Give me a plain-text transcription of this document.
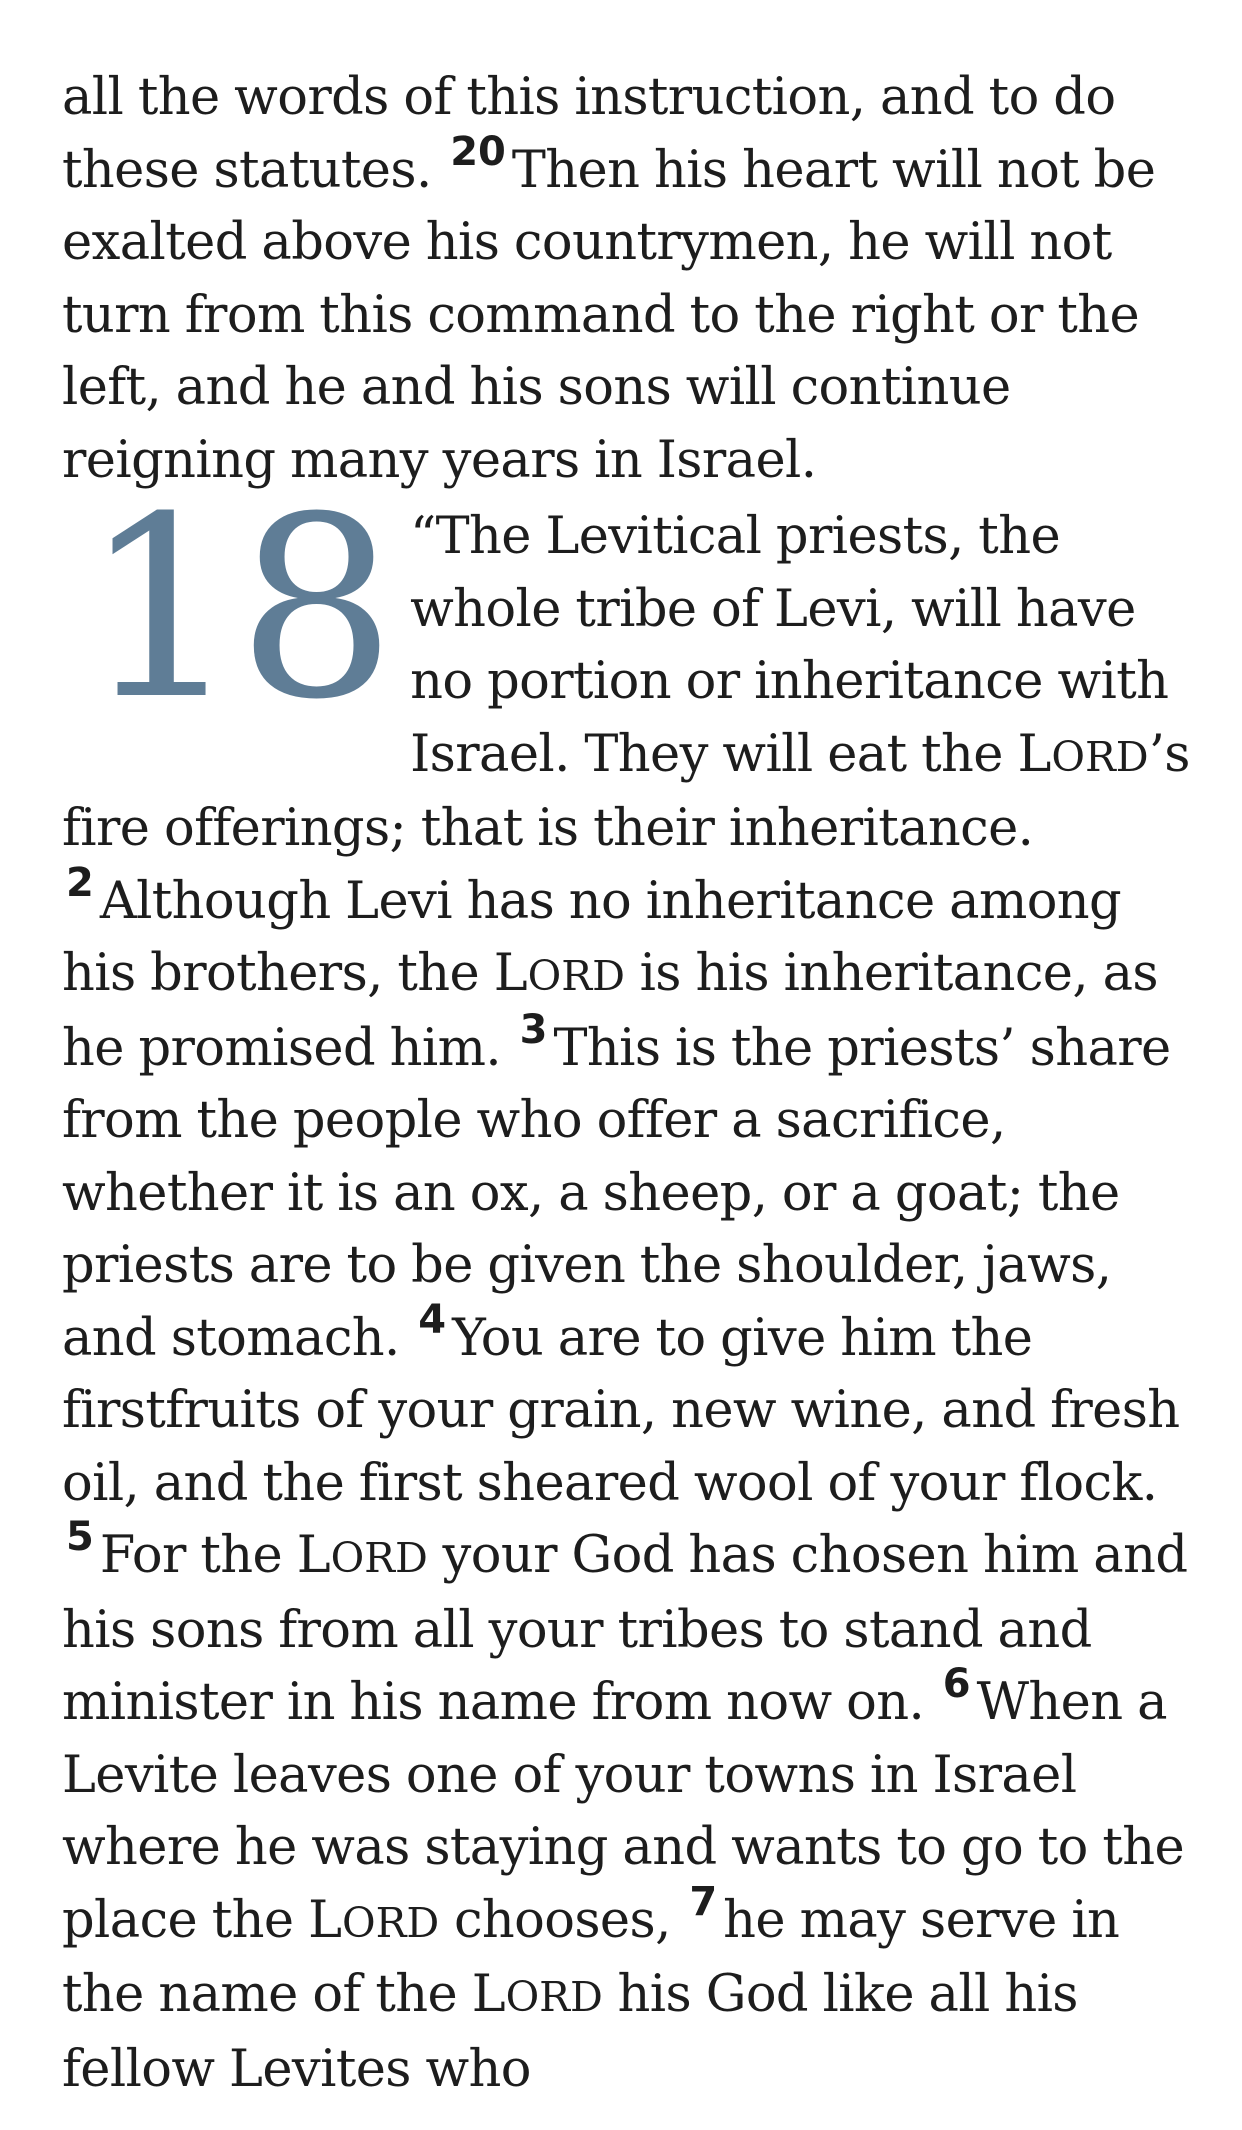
all the words of this instruction, and to do these statutes. $^{20}$ Then his heart will not be exalted above his countrymen, he will not turn from this command to the right or the left, and he and his sons will continue reigning many years in Israel.

18 “The Levitical priests, the whole tribe of Levi, will have no portion or inheritance with Israel. They will eat the LORD’s fire offerings; that is their inheritance. $^2$ Although Levi has no inheritance among his brothers, the LORD is his inheritance, as he promised him. $^3$ This is the priests’ share from the people who offer a sacrifice, whether it is an ox, a sheep, or a goat; the priests are to be given the shoulder, jaws, and stomach. $^4$ You are to give him the firstfruits of your grain, new wine, and fresh oil, and the first sheared wool of your flock. $^5$ For the LORD your God has chosen him and his sons from all your tribes to stand and minister in his name from now on. $^6$ When a Levite leaves one of your towns in Israel where he was staying and wants to go to the place the LORD chooses, $^7$ he may serve in the name of the LORD his God like all his fellow Levites who
